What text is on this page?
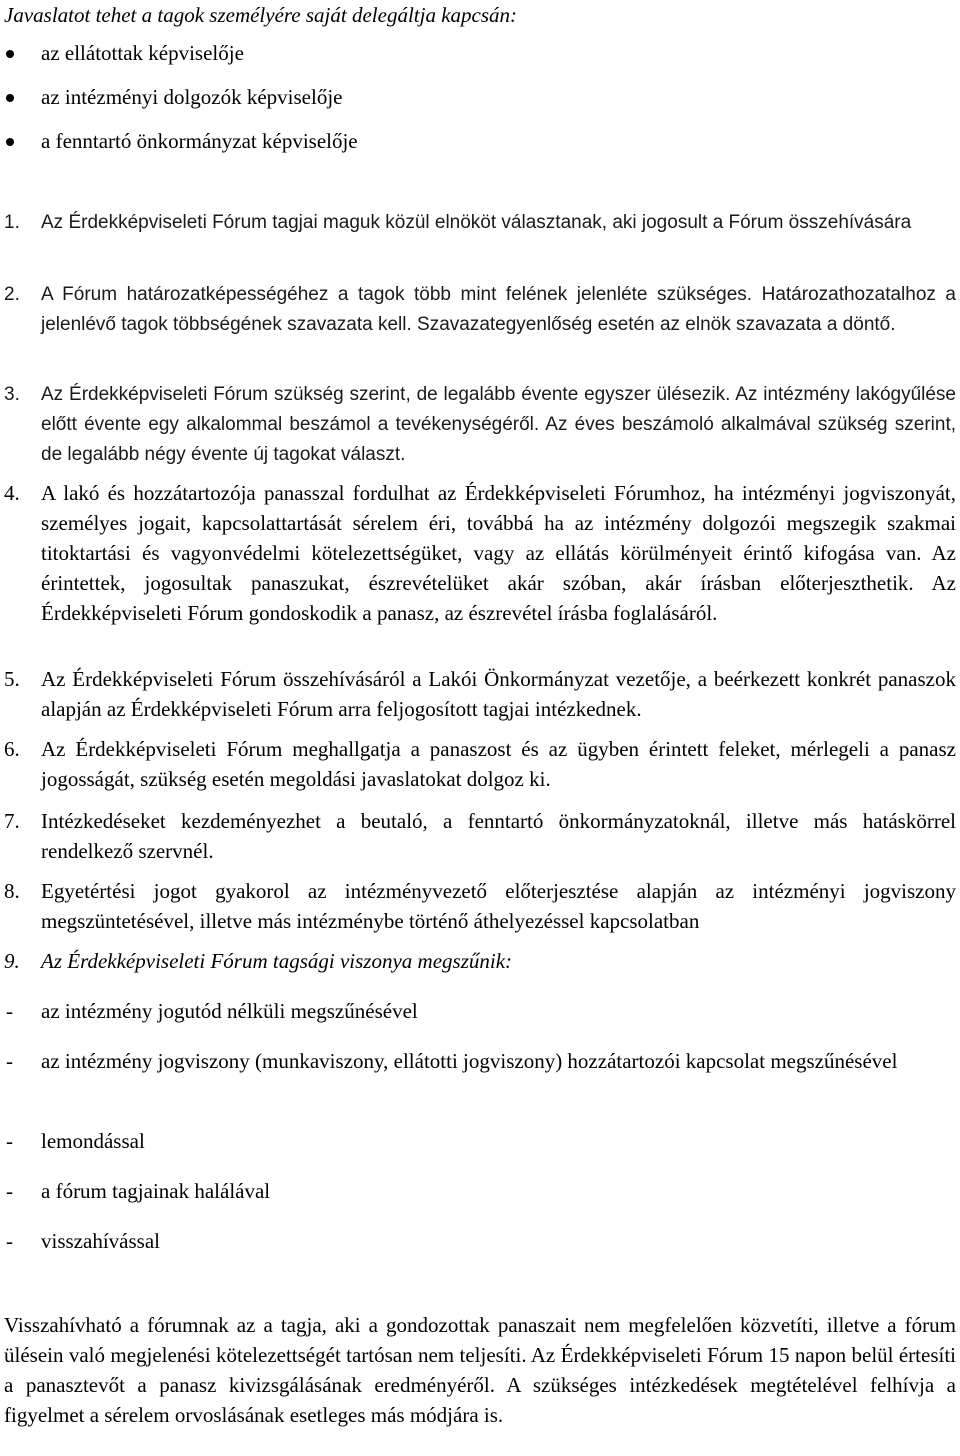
Javaslatot tehet a tagok személyére saját delegáltja kapcsán:
az ellátottak képviselője
az intézményi dolgozók képviselője
a fenntartó önkormányzat képviselője
1. Az Érdekképviseleti Fórum tagjai maguk közül elnököt választanak, aki jogosult a Fórum összehívására
2. A Fórum határozatképességéhez a tagok több mint felének jelenléte szükséges. Határozathozatalhoz a jelenlévő tagok többségének szavazata kell. Szavazategyenlőség esetén az elnök szavazata a döntő.
3. Az Érdekképviseleti Fórum szükség szerint, de legalább évente egyszer ülésezik. Az intézmény lakógyűlése előtt évente egy alkalommal beszámol a tevékenységéről. Az éves beszámoló alkalmával szükség szerint, de legalább négy évente új tagokat választ.
4. A lakó és hozzátartozója panasszal fordulhat az Érdekképviseleti Fórumhoz, ha intézményi jogviszonyát, személyes jogait, kapcsolattartását sérelem éri, továbbá ha az intézmény dolgozói megszegik szakmai titoktartási és vagyonvédelmi kötelezettségüket, vagy az ellátás körülményeit érintő kifogása van. Az érintettek, jogosultak panaszukat, észrevételüket akár szóban, akár írásban előterjeszthetik. Az Érdekképviseleti Fórum gondoskodik a panasz, az észrevétel írásba foglalásáról.
5. Az Érdekképviseleti Fórum összehívásáról a Lakói Önkormányzat vezetője, a beérkezett konkrét panaszok alapján az Érdekképviseleti Fórum arra feljogosított tagjai intézkednek.
6. Az Érdekképviseleti Fórum meghallgatja a panaszost és az ügyben érintett feleket, mérlegeli a panasz jogosságát, szükség esetén megoldási javaslatokat dolgoz ki.
7. Intézkedéseket kezdeményezhet a beutaló, a fenntartó önkormányzatoknál, illetve más hatáskörrel rendelkező szervnél.
8. Egyetértési jogot gyakorol az intézményvezető előterjesztése alapján az intézményi jogviszony megszüntetésével, illetve más intézménybe történő áthelyezéssel kapcsolatban
9. Az Érdekképviseleti Fórum tagsági viszonya megszűnik:
- az intézmény jogutód nélküli megszűnésével
- az intézmény jogviszony (munkaviszony, ellátotti jogviszony) hozzátartozói kapcsolat megszűnésével
- lemondással
- a fórum tagjainak halálával
- visszahívással
Visszahívható a fórumnak az a tagja, aki a gondozottak panaszait nem megfelelően közvetíti, illetve a fórum ülésein való megjelenési kötelezettségét tartósan nem teljesíti. Az Érdekképviseleti Fórum 15 napon belül értesíti a panasztevőt a panasz kivizsgálásának eredményéről. A szükséges intézkedések megtételével felhívja a figyelmet a sérelem orvoslásának esetleges más módjára is.
